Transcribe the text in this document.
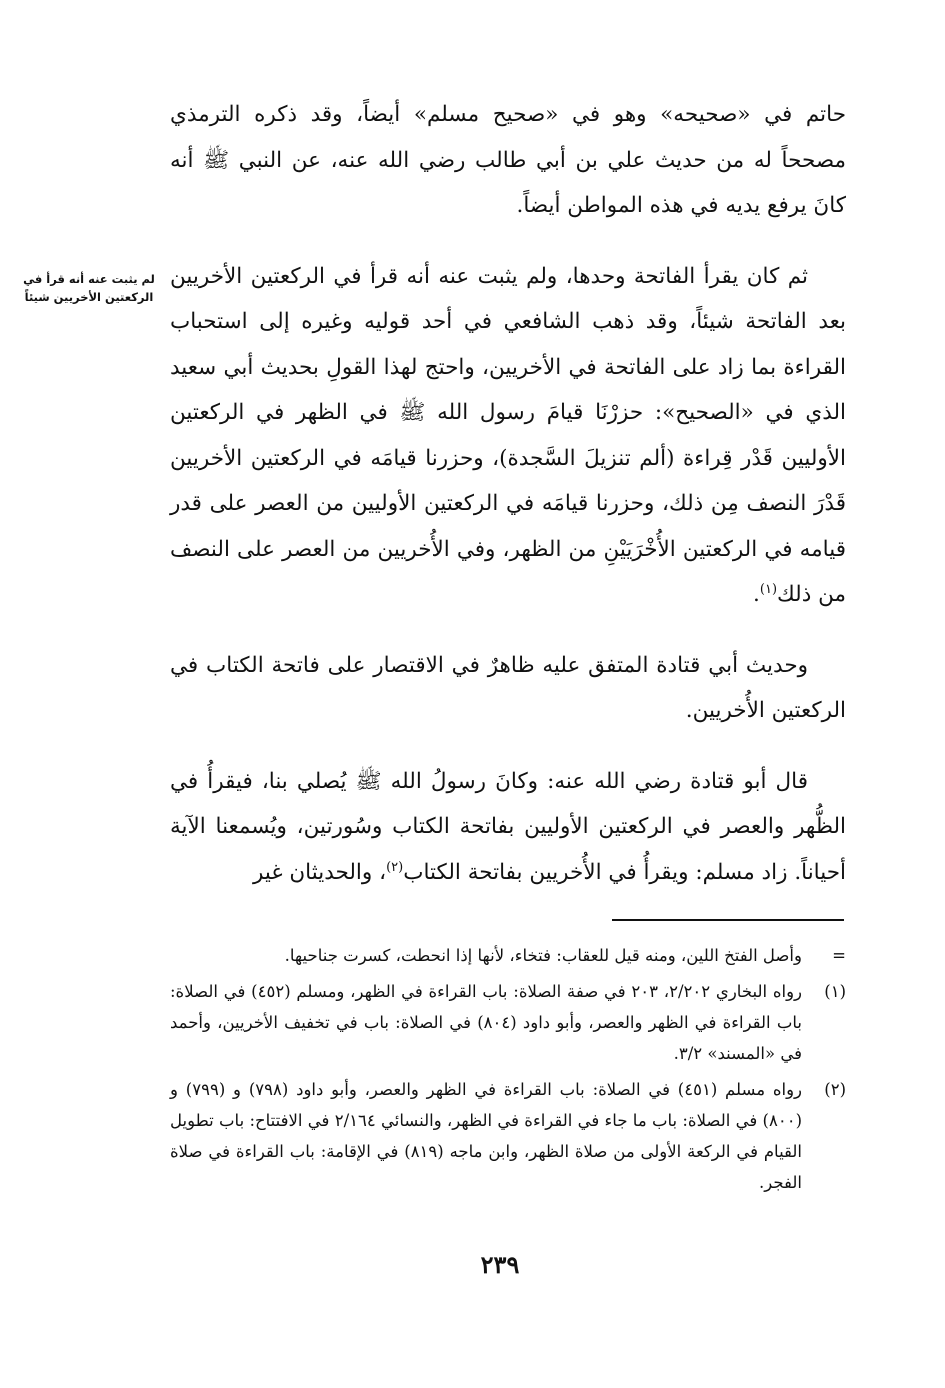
لم يثبت عنه أنه قرأ في الركعتين الأخريين شيئاً

حاتم في «صحيحه» وهو في «صحيح مسلم» أيضاً، وقد ذكره الترمذي مصححاً له من حديث علي بن أبي طالب رضي الله عنه، عن النبي ﷺ أنه كانَ يرفع يديه في هذه المواطن أيضاً.

ثم كان يقرأ الفاتحة وحدها، ولم يثبت عنه أنه قرأ في الركعتين الأخريين بعد الفاتحة شيئاً، وقد ذهب الشافعي في أحد قوليه وغيره إلى استحباب القراءة بما زاد على الفاتحة في الأخريين، واحتج لهذا القولِ بحديث أبي سعيد الذي في «الصحيح»: حزرْنَا قيامَ رسول الله ﷺ في الظهر في الركعتين الأوليين قَدْر قِراءة (ألم تنزيلَ السَّجدة)، وحزرنا قيامَه في الركعتين الأخريين قَدْرَ النصف مِن ذلك، وحزرنا قيامَه في الركعتين الأوليين من العصر على قدر قيامه في الركعتين الأُخْرَيَيْنِ من الظهر، وفي الأُخريين من العصر على النصف من ذلك$^{(١)}$.

وحديث أبي قتادة المتفق عليه ظاهرٌ في الاقتصار على فاتحة الكتاب في الركعتين الأُخريين.

قال أبو قتادة رضي الله عنه: وكانَ رسولُ الله ﷺ يُصلي بنا، فيقرأُ في الظُّهر والعصر في الركعتين الأوليين بفاتحة الكتاب وسُورتين، ويُسمعنا الآية أحياناً. زاد مسلم: ويقرأُ في الأُخريين بفاتحة الكتاب$^{(٢)}$، والحديثان غير

=
وأصل الفتخ اللين، ومنه قيل للعقاب: فتخاء، لأنها إذا انحطت، كسرت جناحيها.
(١)
رواه البخاري ٢/٢٠٢، ٢٠٣ في صفة الصلاة: باب القراءة في الظهر، ومسلم (٤٥٢) في الصلاة: باب القراءة في الظهر والعصر، وأبو داود (٨٠٤) في الصلاة: باب في تخفيف الأخريين، وأحمد في «المسند» ٣/٢.
(٢)
رواه مسلم (٤٥١) في الصلاة: باب القراءة في الظهر والعصر، وأبو داود (٧٩٨) و (٧٩٩) و (٨٠٠) في الصلاة: باب ما جاء في القراءة في الظهر، والنسائي ٢/١٦٤ في الافتتاح: باب تطويل القيام في الركعة الأولى من صلاة الظهر، وابن ماجه (٨١٩) في الإقامة: باب القراءة في صلاة الفجر.
٢٣٩
